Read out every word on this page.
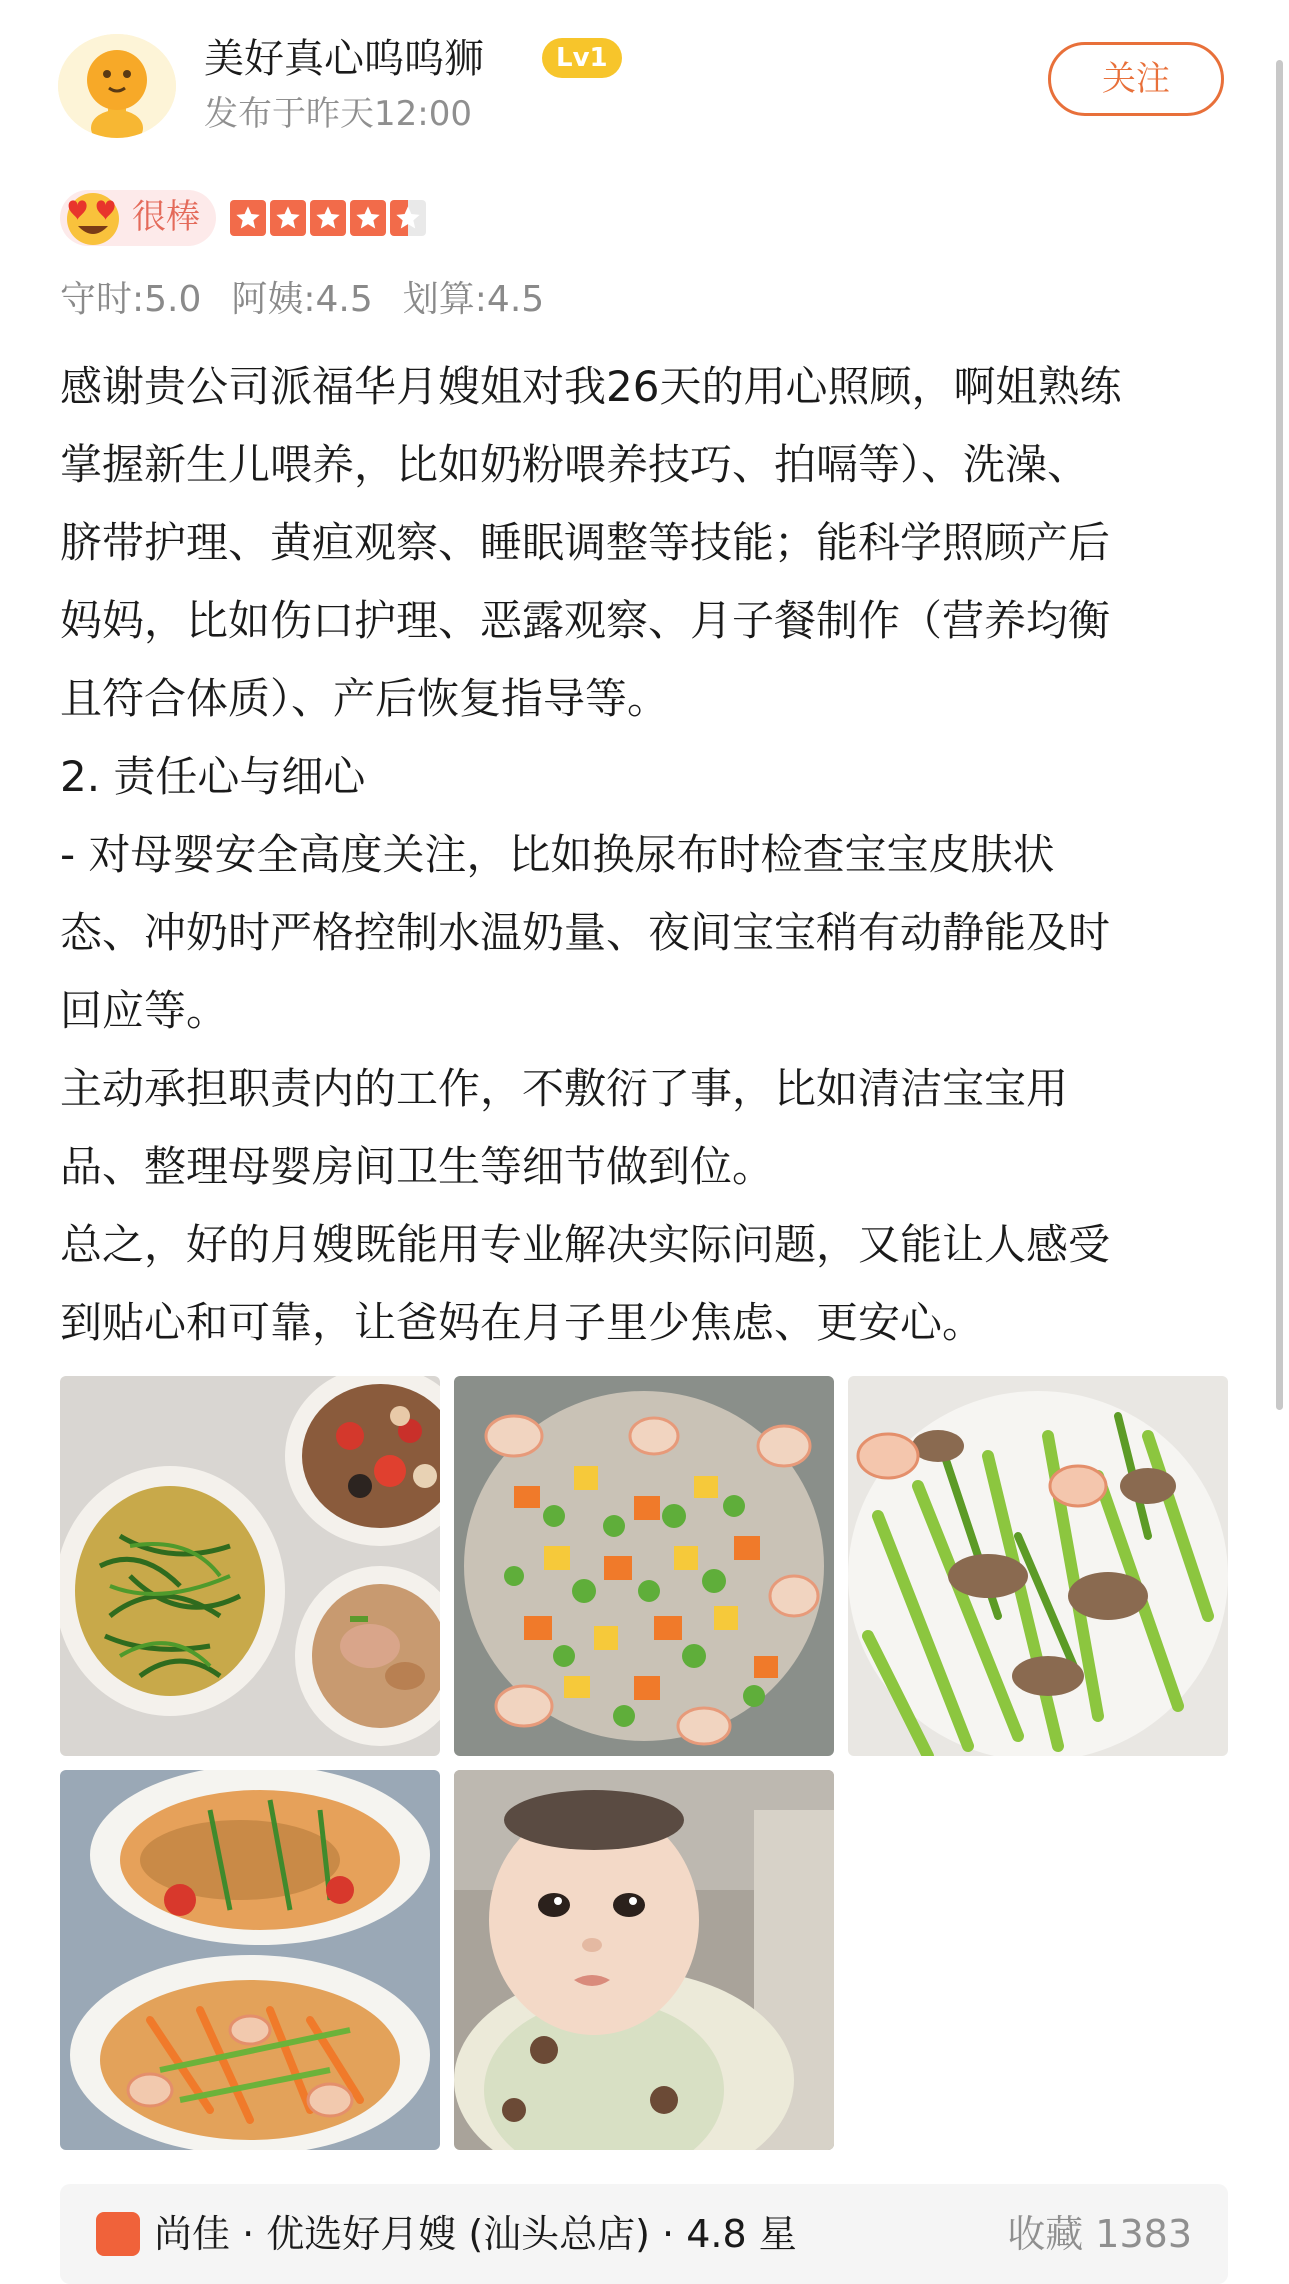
美好真心呜呜狮	Lv1
发布于昨天12:00
关注
很棒
守时:5.0 阿姨:4.5 划算:4.5

感谢贵公司派福华月嫂姐对我26天的用心照顾，啊姐熟练

掌握新生儿喂养，比如奶粉喂养技巧、拍嗝等）、洗澡、

脐带护理、黄疸观察、睡眠调整等技能；能科学照顾产后

妈妈，比如伤口护理、恶露观察、月子餐制作（营养均衡

且符合体质）、产后恢复指导等。

2. 责任心与细心

- 对母婴安全高度关注，比如换尿布时检查宝宝皮肤状

态、冲奶时严格控制水温奶量、夜间宝宝稍有动静能及时

回应等。

主动承担职责内的工作，不敷衍了事，比如清洁宝宝用

品、整理母婴房间卫生等细节做到位。

总之，好的月嫂既能用专业解决实际问题，又能让人感受

到贴心和可靠，让爸妈在月子里少焦虑、更安心。

尚佳 · 优选好月嫂 (汕头总店) · 4.8 星	收藏 1383
